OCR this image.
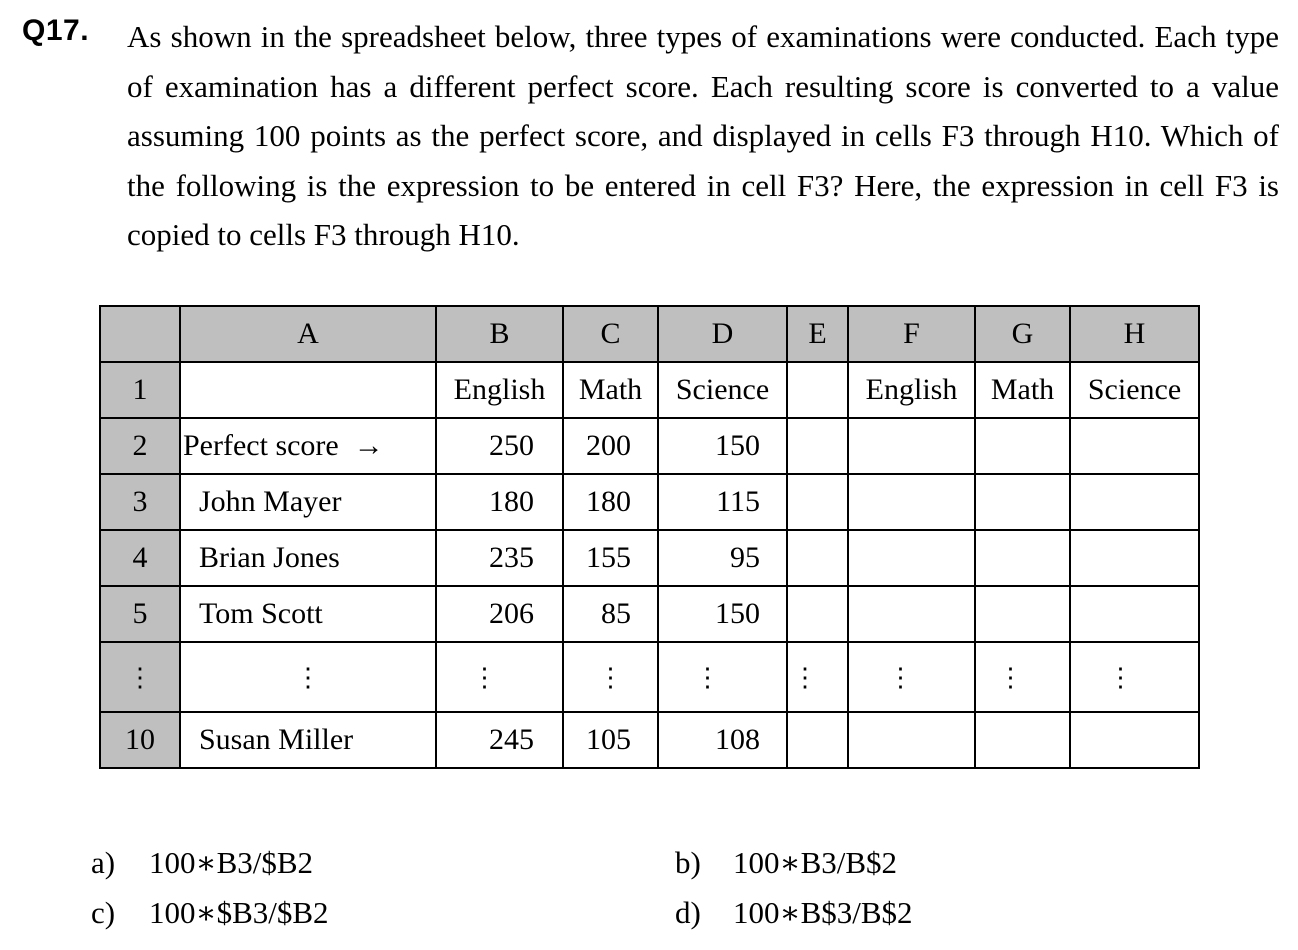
Q17. As shown in the spreadsheet below, three types of examinations were conducted. Each type of examination has a different perfect score. Each resulting score is converted to a value assuming 100 points as the perfect score, and displayed in cells F3 through H10. Which of the following is the expression to be entered in cell F3? Here, the expression in cell F3 is copied to cells F3 through H10.
	A	B	C	D	E	F	G	H
1		English	Math	Science		English	Math	Science
2	Perfect score  →	250	200	150				
3	John Mayer	180	180	115				
4	Brian Jones	235	155	95				
5	Tom Scott	206	85	150				
⋮	⋮	⋮	⋮	⋮	⋮	⋮	⋮	⋮
10	Susan Miller	245	105	108				
a) 100∗B3/$B2	b) 100∗B3/B$2
c) 100∗$B3/$B2	d) 100∗B$3/B$2
